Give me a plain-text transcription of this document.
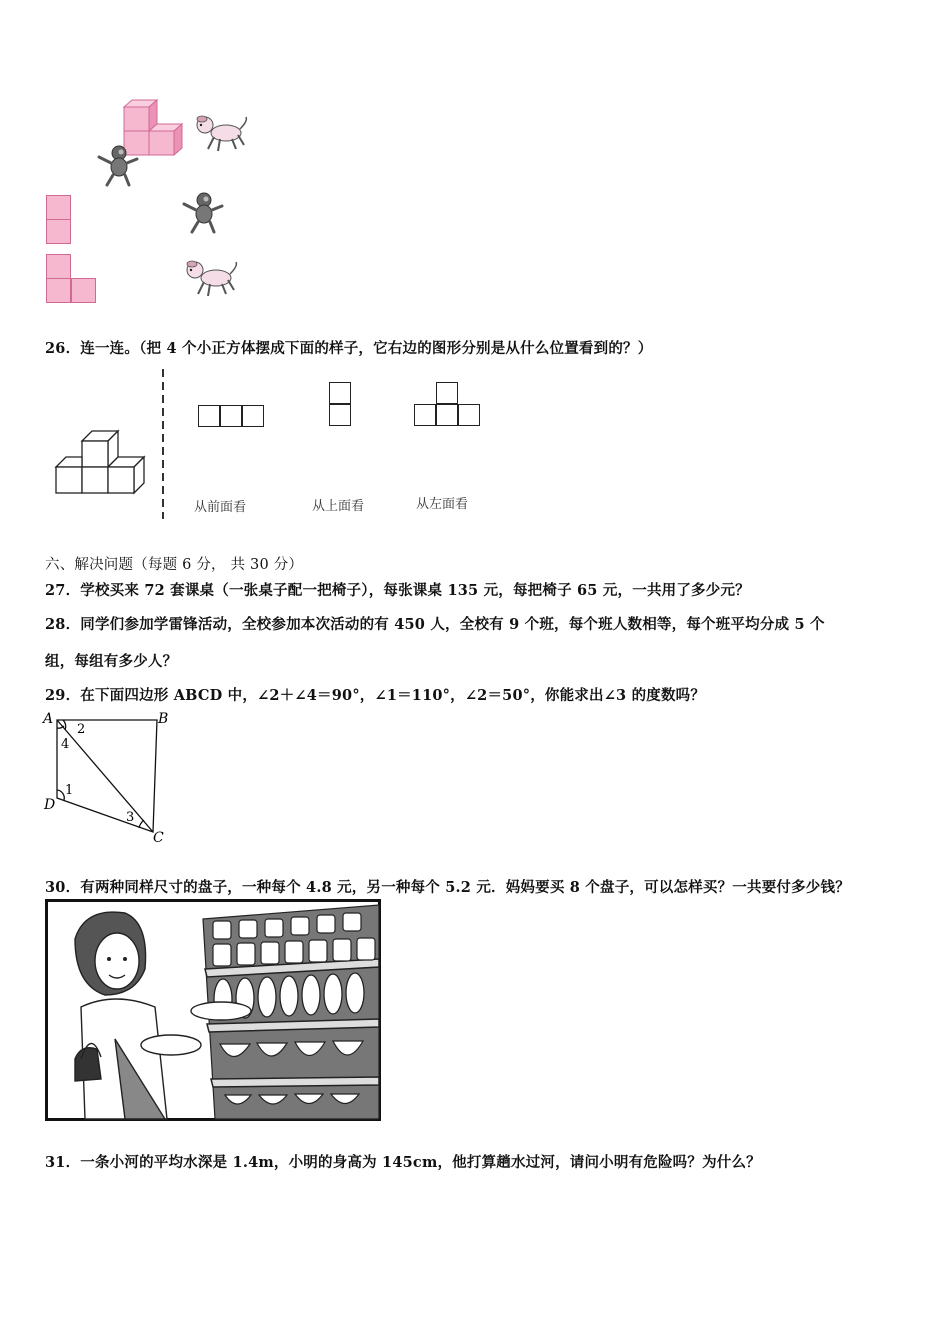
26．连一连。（把 4 个小正方体摆成下面的样子，它右边的图形分别是从什么位置看到的？）
从前面看	从上面看	从左面看
六、解决问题（每题 6 分， 共 30 分）
27．学校买来 72 套课桌（一张桌子配一把椅子），每张课桌 135 元，每把椅子 65 元，一共用了多少元？
28．同学们参加学雷锋活动，全校参加本次活动的有 450 人，全校有 9 个班，每个班人数相等，每个班平均分成 5 个
组，每组有多少人？
29．在下面四边形 ABCD 中，∠2＋∠4＝90°，∠1＝110°，∠2＝50°，你能求出∠3 的度数吗？
A	B
C
D
2
4
1
3
30．有两种同样尺寸的盘子，一种每个 4.8 元，另一种每个 5.2 元．妈妈要买 8 个盘子，可以怎样买？一共要付多少钱？
31．一条小河的平均水深是 1.4m，小明的身高为 145cm，他打算趟水过河，请问小明有危险吗？为什么？
